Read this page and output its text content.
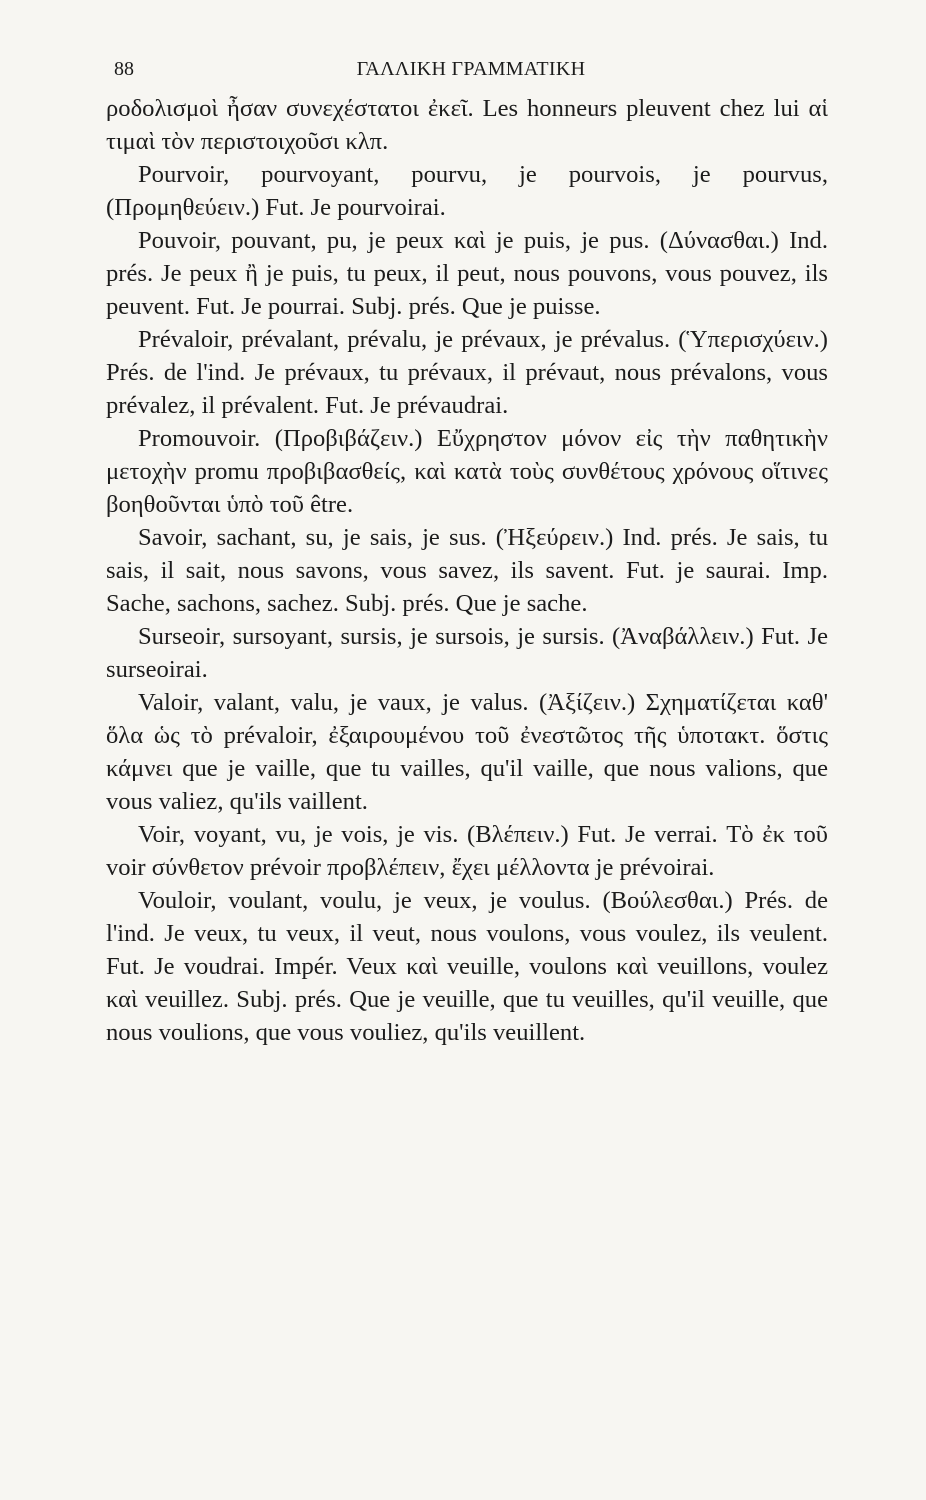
88	ΓΑΛΛΙΚΗ ΓΡΑΜΜΑΤΙΚΗ

ροδολισμοὶ ἦσαν συνεχέστατοι ἐκεῖ. Les honneurs pleuvent chez lui αἱ τιμαὶ τὸν περιστοιχοῦσι κλπ.

Pourvoir, pourvoyant, pourvu, je pourvois, je pourvus, (Προμηθεύειν.) Fut. Je pourvoirai.

Pouvoir, pouvant, pu, je peux καὶ je puis, je pus. (Δύνασθαι.) Ind. prés. Je peux ἢ je puis, tu peux, il peut, nous pouvons, vous pouvez, ils peuvent. Fut. Je pourrai. Subj. prés. Que je puisse.

Prévaloir, prévalant, prévalu, je prévaux, je prévalus. (Ὑπερισχύειν.) Prés. de l'ind. Je prévaux, tu prévaux, il prévaut, nous prévalons, vous prévalez, il prévalent. Fut. Je prévaudrai.

Promouvoir. (Προβιβάζειν.) Εὔχρηστον μόνον εἰς τὴν παθητικὴν μετοχὴν promu προβιβασθείς, καὶ κατὰ τοὺς συνθέτους χρόνους οἵτινες βοηθοῦνται ὑπὸ τοῦ être.

Savoir, sachant, su, je sais, je sus. (Ἠξεύρειν.) Ind. prés. Je sais, tu sais, il sait, nous savons, vous savez, ils savent. Fut. je saurai. Imp. Sache, sachons, sachez. Subj. prés. Que je sache.

Surseoir, sursoyant, sursis, je sursois, je sursis. (Ἀναβάλλειν.) Fut. Je surseoirai.

Valoir, valant, valu, je vaux, je valus. (Ἀξίζειν.) Σχηματίζεται καθ' ὅλα ὡς τὸ prévaloir, ἐξαιρουμένου τοῦ ἐνεστῶτος τῆς ὑποτακτ. ὅστις κάμνει que je vaille, que tu vailles, qu'il vaille, que nous valions, que vous valiez, qu'ils vaillent.

Voir, voyant, vu, je vois, je vis. (Βλέπειν.) Fut. Je verrai. Τὸ ἐκ τοῦ voir σύνθετον prévoir προβλέπειν, ἔχει μέλλοντα je prévoirai.

Vouloir, voulant, voulu, je veux, je voulus. (Βούλεσθαι.) Prés. de l'ind. Je veux, tu veux, il veut, nous voulons, vous voulez, ils veulent. Fut. Je voudrai. Impér. Veux καὶ veuille, voulons καὶ veuillons, voulez καὶ veuillez. Subj. prés. Que je veuille, que tu veuilles, qu'il veuille, que nous voulions, que vous vouliez, qu'ils veuillent.
